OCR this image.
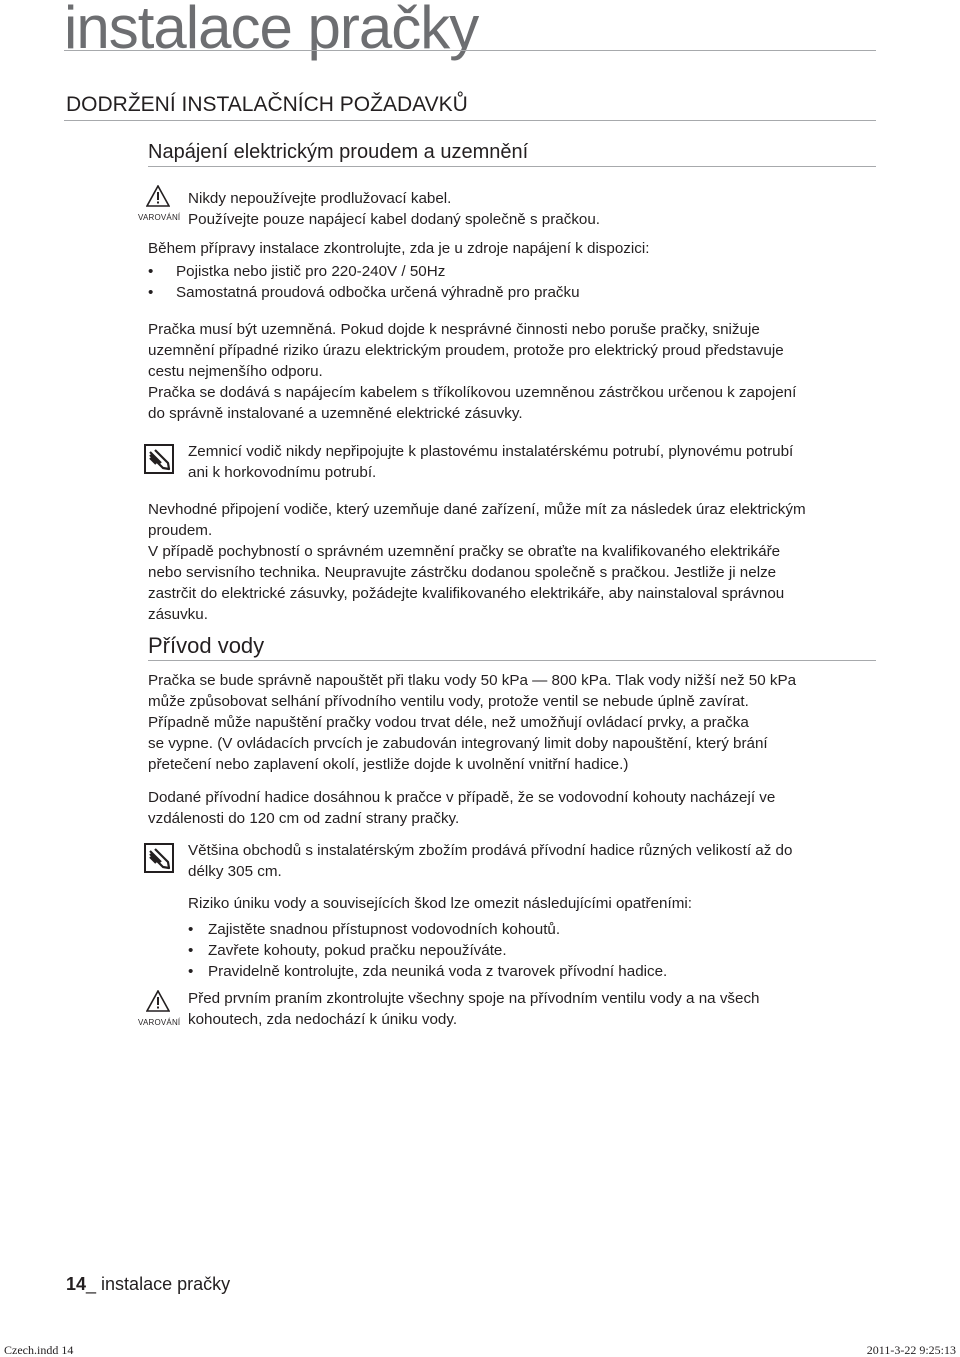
instalace pračky
DODRŽENÍ INSTALAČNÍCH POŽADAVKŮ
Napájení elektrickým proudem a uzemnění
VAROVÁNÍ
Nikdy nepoužívejte prodlužovací kabel.
Používejte pouze napájecí kabel dodaný společně s pračkou.
Během přípravy instalace zkontrolujte, zda je u zdroje napájení k dispozici:
• Pojistka nebo jistič pro 220-240V / 50Hz
• Samostatná proudová odbočka určená výhradně pro pračku
Pračka musí být uzemněná. Pokud dojde k nesprávné činnosti nebo poruše pračky, snižuje
uzemnění případné riziko úrazu elektrickým proudem, protože pro elektrický proud představuje
cestu nejmenšího odporu.
Pračka se dodává s napájecím kabelem s tříkolíkovou uzemněnou zástrčkou určenou k zapojení
do správně instalované a uzemněné elektrické zásuvky.
Zemnicí vodič nikdy nepřipojujte k plastovému instalatérskému potrubí, plynovému potrubí
ani k horkovodnímu potrubí.
Nevhodné připojení vodiče, který uzemňuje dané zařízení, může mít za následek úraz elektrickým
proudem.
V případě pochybností o správném uzemnění pračky se obraťte na kvalifikovaného elektrikáře
nebo servisního technika. Neupravujte zástrčku dodanou společně s pračkou. Jestliže ji nelze
zastrčit do elektrické zásuvky, požádejte kvalifikovaného elektrikáře, aby nainstaloval správnou
zásuvku.
Přívod vody
Pračka se bude správně napouštět při tlaku vody 50 kPa — 800 kPa. Tlak vody nižší než 50 kPa
může způsobovat selhání přívodního ventilu vody, protože ventil se nebude úplně zavírat.
Případně může napuštění pračky vodou trvat déle, než umožňují ovládací prvky, a pračka
se vypne. (V ovládacích prvcích je zabudován integrovaný limit doby napouštění, který brání
přetečení nebo zaplavení okolí, jestliže dojde k uvolnění vnitřní hadice.)
Dodané přívodní hadice dosáhnou k pračce v případě, že se vodovodní kohouty nacházejí ve
vzdálenosti do 120 cm od zadní strany pračky.
Většina obchodů s instalatérským zbožím prodává přívodní hadice různých velikostí až do
délky 305 cm.
Riziko úniku vody a souvisejících škod lze omezit následujícími opatřeními:
• Zajistěte snadnou přístupnost vodovodních kohoutů.
• Zavřete kohouty, pokud pračku nepoužíváte.
• Pravidelně kontrolujte, zda neuniká voda z tvarovek přívodní hadice.
VAROVÁNÍ
Před prvním praním zkontrolujte všechny spoje na přívodním ventilu vody a na všech
kohoutech, zda nedochází k úniku vody.
14_ instalace pračky
Czech.indd 14	2011-3-22 9:25:13
